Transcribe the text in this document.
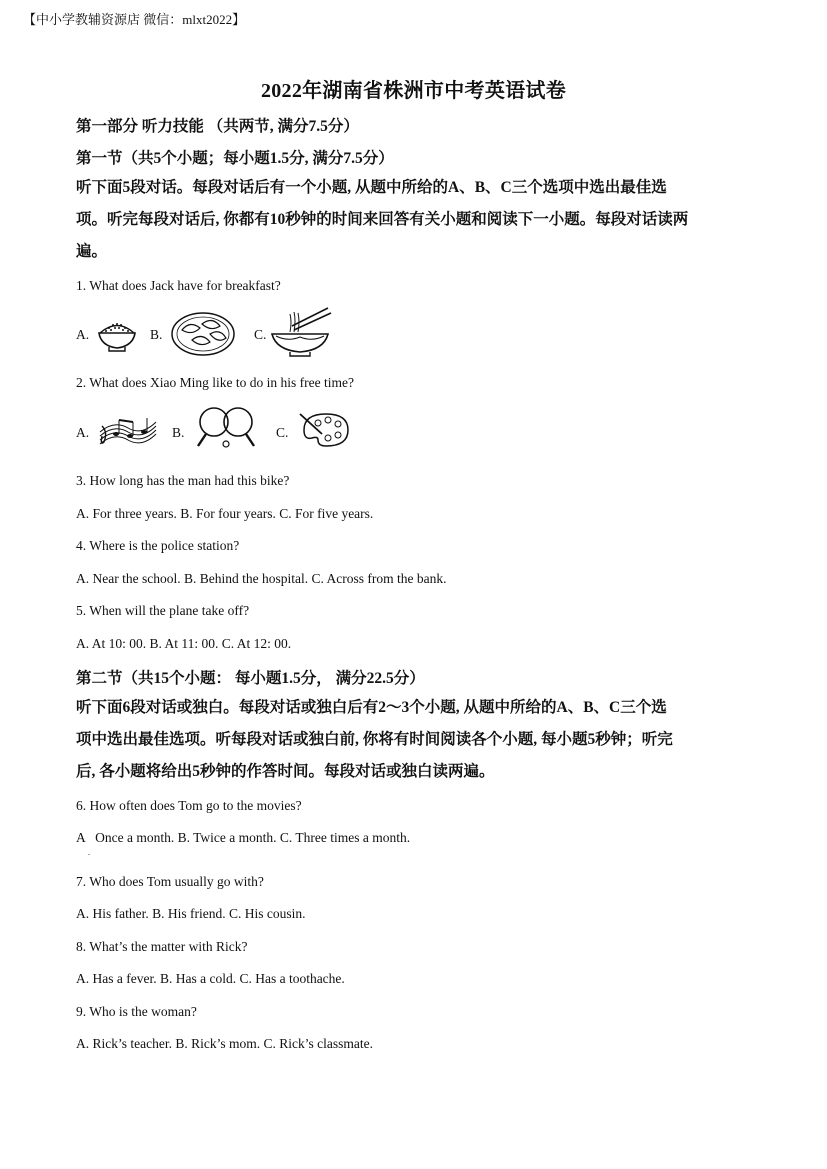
【中小学教辅资源店 微信：mlxt2022】
2022年湖南省株洲市中考英语试卷
第一部分 听力技能 （共两节, 满分7.5分）
第一节（共5个小题；每小题1.5分, 满分7.5分）
听下面5段对话。每段对话后有一个小题, 从题中所给的A、B、C三个选项中选出最佳选
项。听完每段对话后, 你都有10秒钟的时间来回答有关小题和阅读下一小题。每段对话读两
遍。
1. What does Jack have for breakfast?
A.	B.	C.
2. What does Xiao Ming like to do in his free time?
A.	B.	C.
3. How long has the man had this bike?
A. For three years. B. For four years. C. For five years.
4. Where is the police station?
A. Near the school. B. Behind the hospital. C. Across from the bank.
5. When will the plane take off?
A. At 10: 00. B. At 11: 00. C. At 12: 00.
第二节（共15个小题： 每小题1.5分， 满分22.5分）
听下面6段对话或独白。每段对话或独白后有2～3个小题, 从题中所给的A、B、C三个选
项中选出最佳选项。听每段对话或独白前, 你将有时间阅读各个小题, 每小题5秒钟；听完
后, 各小题将给出5秒钟的作答时间。每段对话或独白读两遍。
6. How often does Tom go to the movies?
A   Once a month. B. Twice a month. C. Three times a month.
.
7. Who does Tom usually go with?
A. His father. B. His friend. C. His cousin.
8. What’s the matter with Rick?
A. Has a fever. B. Has a cold. C. Has a toothache.
9. Who is the woman?
A. Rick’s teacher. B. Rick’s mom. C. Rick’s classmate.
